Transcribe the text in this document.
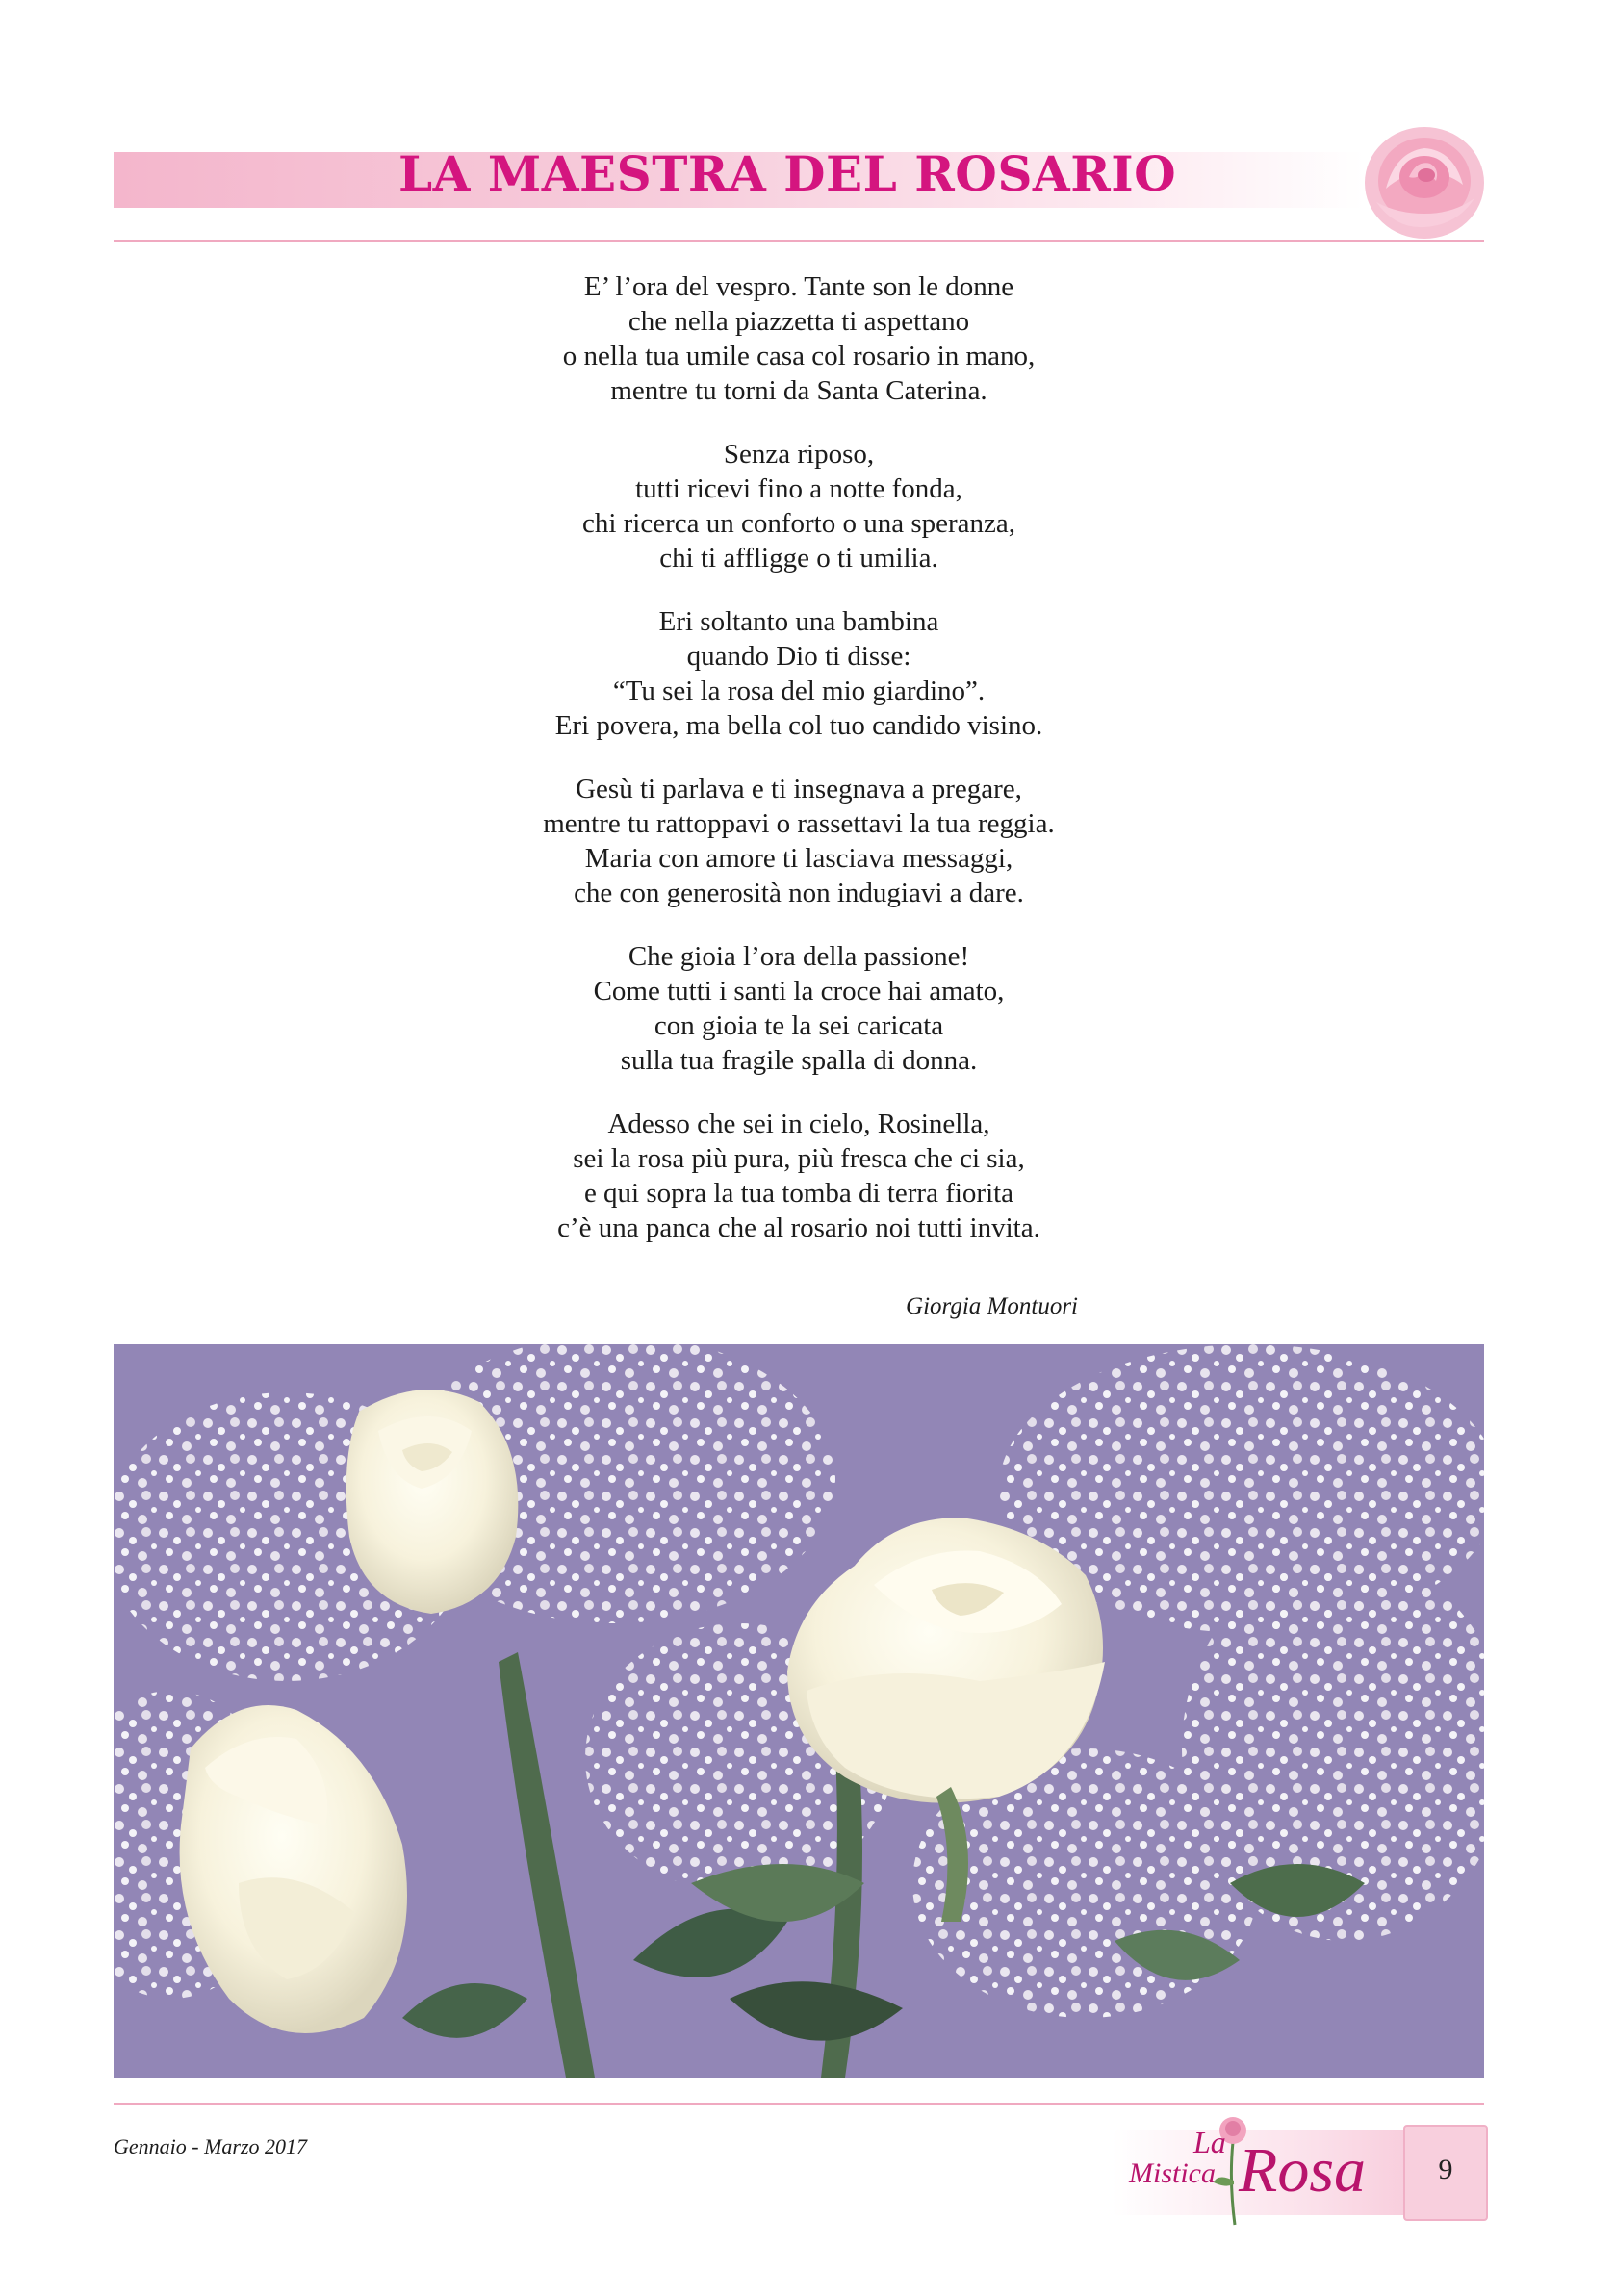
LA MAESTRA DEL ROSARIO

E’ l’ora del vespro. Tante son le donne
che nella piazzetta ti aspettano
o nella tua umile casa col rosario in mano,
mentre tu torni da Santa Caterina.

Senza riposo,
tutti ricevi fino a notte fonda,
chi ricerca un conforto o una speranza,
chi ti affligge o ti umilia.

Eri soltanto una bambina
quando Dio ti disse:
“Tu sei la rosa del mio giardino”.
Eri povera, ma bella col tuo candido visino.

Gesù ti parlava e ti insegnava a pregare,
mentre tu rattoppavi o rassettavi la tua reggia.
Maria con amore ti lasciava messaggi,
che con generosità non indugiavi a dare.

Che gioia l’ora della passione!
Come tutti i santi la croce hai amato,
con gioia te la sei caricata
sulla tua fragile spalla di donna.

Adesso che sei in cielo, Rosinella,
sei la rosa più pura, più fresca che ci sia,
e qui sopra la tua tomba di terra fiorita
c’è una panca che al rosario noi tutti invita.

Giorgia Montuori
Gennaio - Marzo 2017	La
Mistica Rosa	9
